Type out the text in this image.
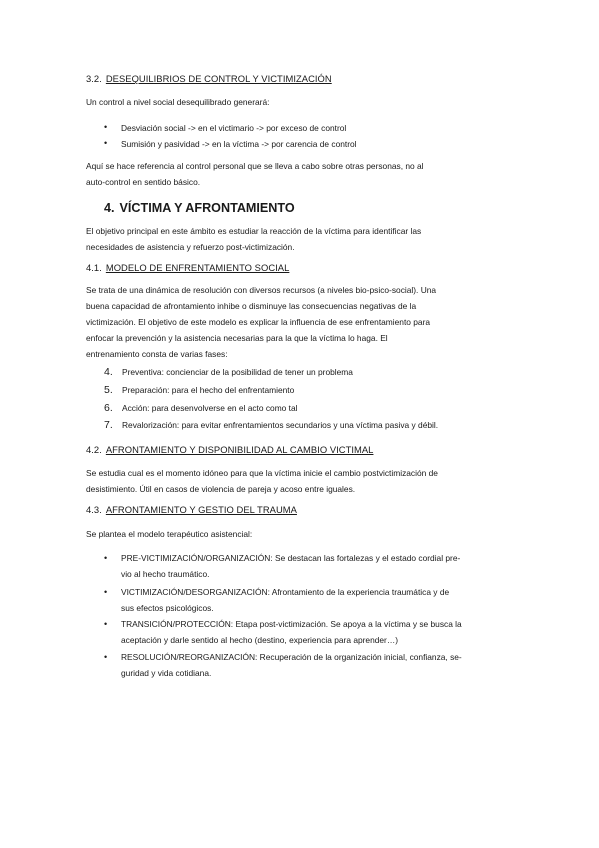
3.2. DESEQUILIBRIOS DE CONTROL Y VICTIMIZACIÓN
Un control a nivel social desequilibrado generará:
• Desviación social -> en el victimario -> por exceso de control
• Sumisión y pasividad -> en la víctima -> por carencia de control
Aquí se hace referencia al control personal que se lleva a cabo sobre otras personas, no al
auto-control en sentido básico.
4. VÍCTIMA Y AFRONTAMIENTO
El objetivo principal en este ámbito es estudiar la reacción de la víctima para identificar las
necesidades de asistencia y refuerzo post-victimización.
4.1. MODELO DE ENFRENTAMIENTO SOCIAL
Se trata de una dinámica de resolución con diversos recursos (a niveles bio-psico-social). Una
buena capacidad de afrontamiento inhibe o disminuye las consecuencias negativas de la
victimización. El objetivo de este modelo es explicar la influencia de ese enfrentamiento para
enfocar la prevención y la asistencia necesarias para la que la víctima lo haga. El
entrenamiento consta de varias fases:
4. Preventiva: concienciar de la posibilidad de tener un problema
5. Preparación: para el hecho del enfrentamiento
6. Acción: para desenvolverse en el acto como tal
7. Revalorización: para evitar enfrentamientos secundarios y una víctima pasiva y débil.
4.2. AFRONTAMIENTO Y DISPONIBILIDAD AL CAMBIO VICTIMAL
Se estudia cual es el momento idóneo para que la víctima inicie el cambio postvictimización de
desistimiento. Útil en casos de violencia de pareja y acoso entre iguales.
4.3. AFRONTAMIENTO Y GESTIO DEL TRAUMA
Se plantea el modelo terapéutico asistencial:
• PRE-VICTIMIZACIÓN/ORGANIZACIÓN: Se destacan las fortalezas y el estado cordial pre-
vio al hecho traumático.
• VICTIMIZACIÓN/DESORGANIZACIÓN: Afrontamiento de la experiencia traumática y de
sus efectos psicológicos.
• TRANSICIÓN/PROTECCIÓN: Etapa post-victimización. Se apoya a la víctima y se busca la
aceptación y darle sentido al hecho (destino, experiencia para aprender…)
• RESOLUCIÓN/REORGANIZACIÓN: Recuperación de la organización inicial, confianza, se-
guridad y vida cotidiana.
